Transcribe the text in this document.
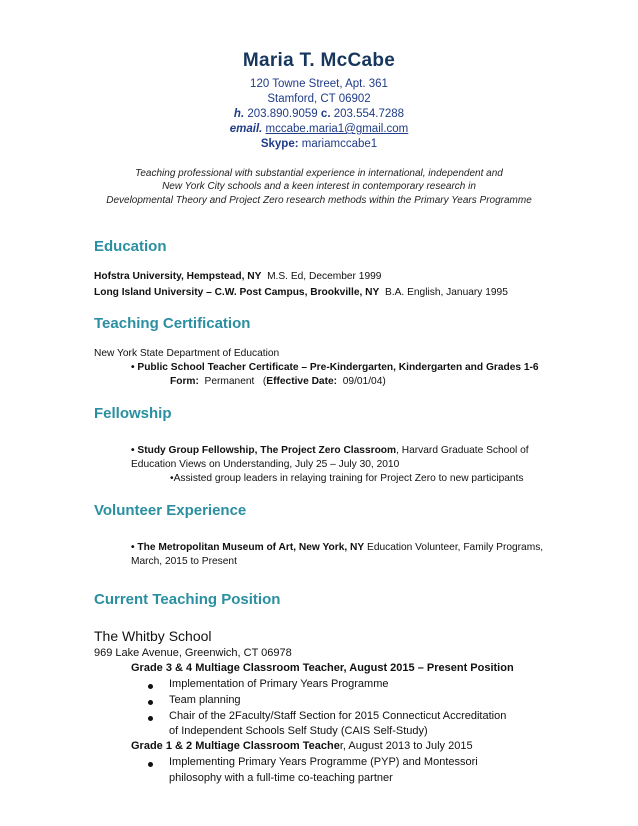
Maria T. McCabe
120 Towne Street, Apt. 361
Stamford, CT 06902
h. 203.890.9059 c. 203.554.7288
email. mccabe.maria1@gmail.com
Skype: mariamccabe1
Teaching professional with substantial experience in international, independent and
New York City schools and a keen interest in contemporary research in
Developmental Theory and Project Zero research methods within the Primary Years Programme
Education
Hofstra University, Hempstead, NY M.S. Ed, December 1999
Long Island University – C.W. Post Campus, Brookville, NY B.A. English, January 1995
Teaching Certification
New York State Department of Education
• Public School Teacher Certificate – Pre-Kindergarten, Kindergarten and Grades 1-6
Form: Permanent   (Effective Date: 09/01/04)
Fellowship
• Study Group Fellowship, The Project Zero Classroom, Harvard Graduate School of
Education Views on Understanding, July 25 – July 30, 2010
•Assisted group leaders in relaying training for Project Zero to new participants
Volunteer Experience
• The Metropolitan Museum of Art, New York, NY Education Volunteer, Family Programs,
March, 2015 to Present
Current Teaching Position
The Whitby School
969 Lake Avenue, Greenwich, CT 06978
Grade 3 & 4 Multiage Classroom Teacher, August 2015 – Present Position
Implementation of Primary Years Programme
Team planning
Chair of the 2Faculty/Staff Section for 2015 Connecticut Accreditation
of Independent Schools Self Study (CAIS Self-Study)
Grade 1 & 2 Multiage Classroom Teacher, August 2013 to July 2015
Implementing Primary Years Programme (PYP) and Montessori
philosophy with a full-time co-teaching partner
